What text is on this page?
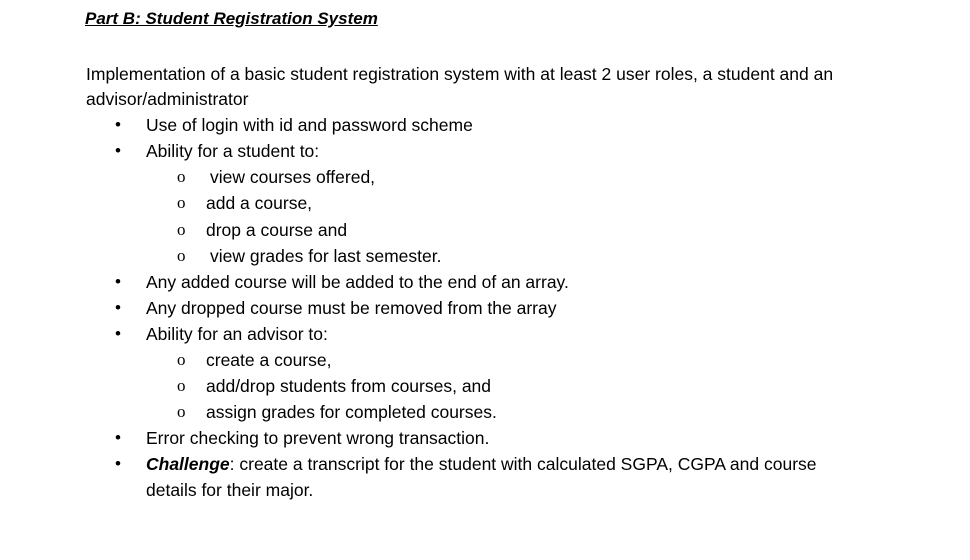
Part B: Student Registration System
Implementation of a basic student registration system with at least 2 user roles, a student and an advisor/administrator
• Use of login with id and password scheme
• Ability for a student to:
o view courses offered,
o add a course,
o drop a course and
o view grades for last semester.
• Any added course will be added to the end of an array.
• Any dropped course must be removed from the array
• Ability for an advisor to:
o create a course,
o add/drop students from courses, and
o assign grades for completed courses.
• Error checking to prevent wrong transaction.
• Challenge: create a transcript for the student with calculated SGPA, CGPA and course
details for their major.
